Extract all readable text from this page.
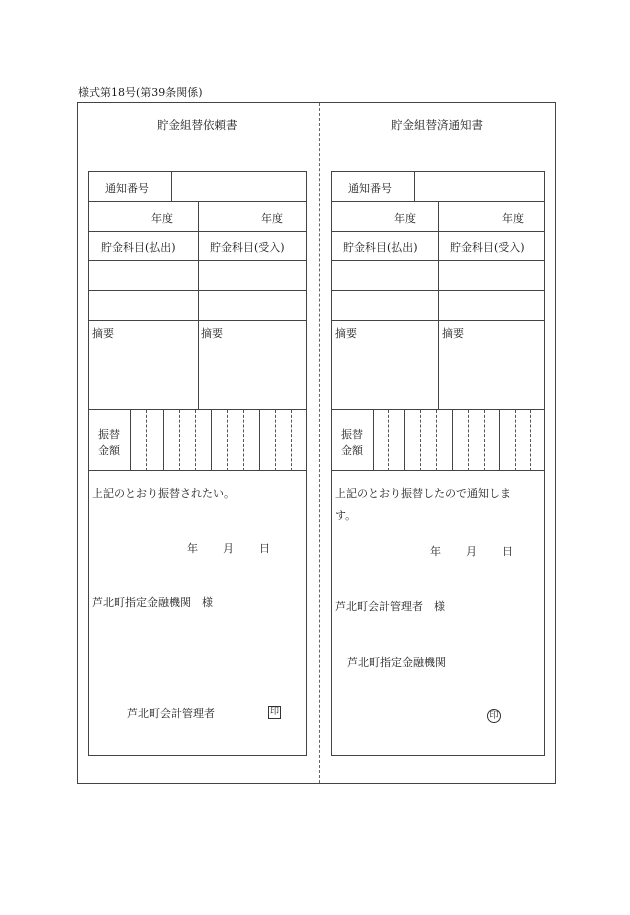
様式第18号(第39条関係)
貯金組替依頼書
通知番号
年度	年度
貯金科目(払出)	貯金科目(受入)
摘要	摘要
振替
金額
上記のとおり振替されたい。
年 月 日
芦北町指定金融機関　様
芦北町会計管理者	印
貯金組替済通知書
通知番号
年度	年度
貯金科目(払出)	貯金科目(受入)
摘要	摘要
振替
金額
上記のとおり振替したので通知しま
す。
年 月 日
芦北町会計管理者　様
芦北町指定金融機関
印
